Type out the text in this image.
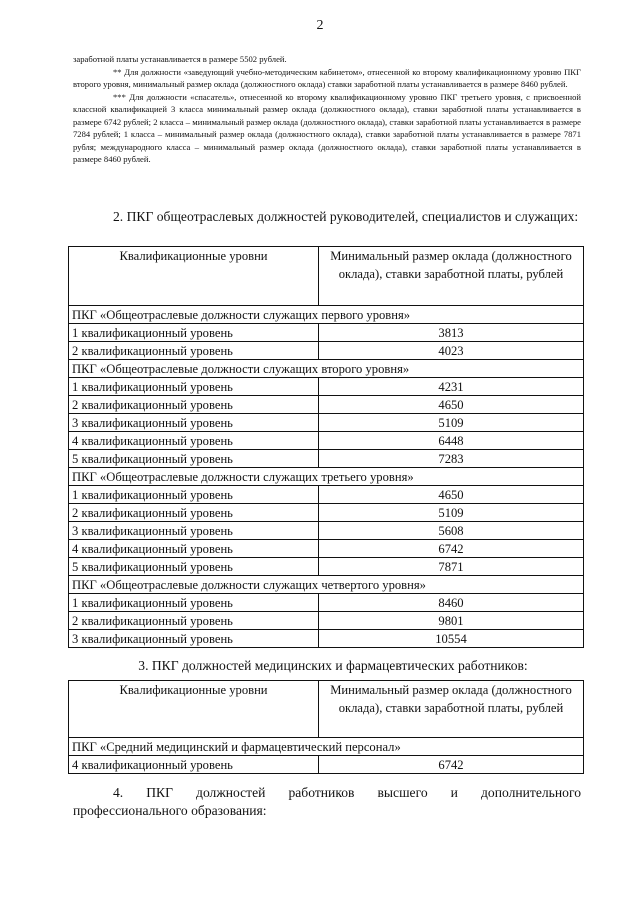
2

заработной платы устанавливается в размере 5502 рублей.

** Для должности «заведующий учебно-методическим кабинетом», отнесенной ко второму квалификационному уровню ПКГ второго уровня, минимальный размер оклада (должностного оклада) ставки заработной платы устанавливается в размере 8460 рублей.

*** Для должности «спасатель», отнесенной ко второму квалификационному уровню ПКГ третьего уровня, с присвоенной классной квалификацией 3 класса минимальный размер оклада (должностного оклада), ставки заработной платы устанавливается в размере 6742 рублей; 2 класса – минимальный размер оклада (должностного оклада), ставки заработной платы устанавливается в размере 7284 рублей; 1 класса – минимальный размер оклада (должностного оклада), ставки заработной платы устанавливается в размере 7871 рубля; международного класса – минимальный размер оклада (должностного оклада), ставки заработной платы устанавливается в размере 8460 рублей.

2. ПКГ общеотраслевых должностей руководителей, специалистов и служащих:
Квалификационные уровни	Минимальный размер оклада (должностного оклада), ставки заработной платы, рублей
ПКГ «Общеотраслевые должности служащих первого уровня»	
1 квалификационный уровень	3813
2 квалификационный уровень	4023
ПКГ «Общеотраслевые должности служащих второго уровня»	
1 квалификационный уровень	4231
2 квалификационный уровень	4650
3 квалификационный уровень	5109
4 квалификационный уровень	6448
5 квалификационный уровень	7283
ПКГ «Общеотраслевые должности служащих третьего уровня»	
1 квалификационный уровень	4650
2 квалификационный уровень	5109
3 квалификационный уровень	5608
4 квалификационный уровень	6742
5 квалификационный уровень	7871
ПКГ «Общеотраслевые должности служащих четвертого уровня»	
1 квалификационный уровень	8460
2 квалификационный уровень	9801
3 квалификационный уровень	10554
3. ПКГ должностей медицинских и фармацевтических работников:
Квалификационные уровни	Минимальный размер оклада (должностного оклада), ставки заработной платы, рублей
ПКГ «Средний медицинский и фармацевтический персонал»	
4 квалификационный уровень	6742
4. ПКГ должностей работников высшего и дополнительного профессионального образования:
